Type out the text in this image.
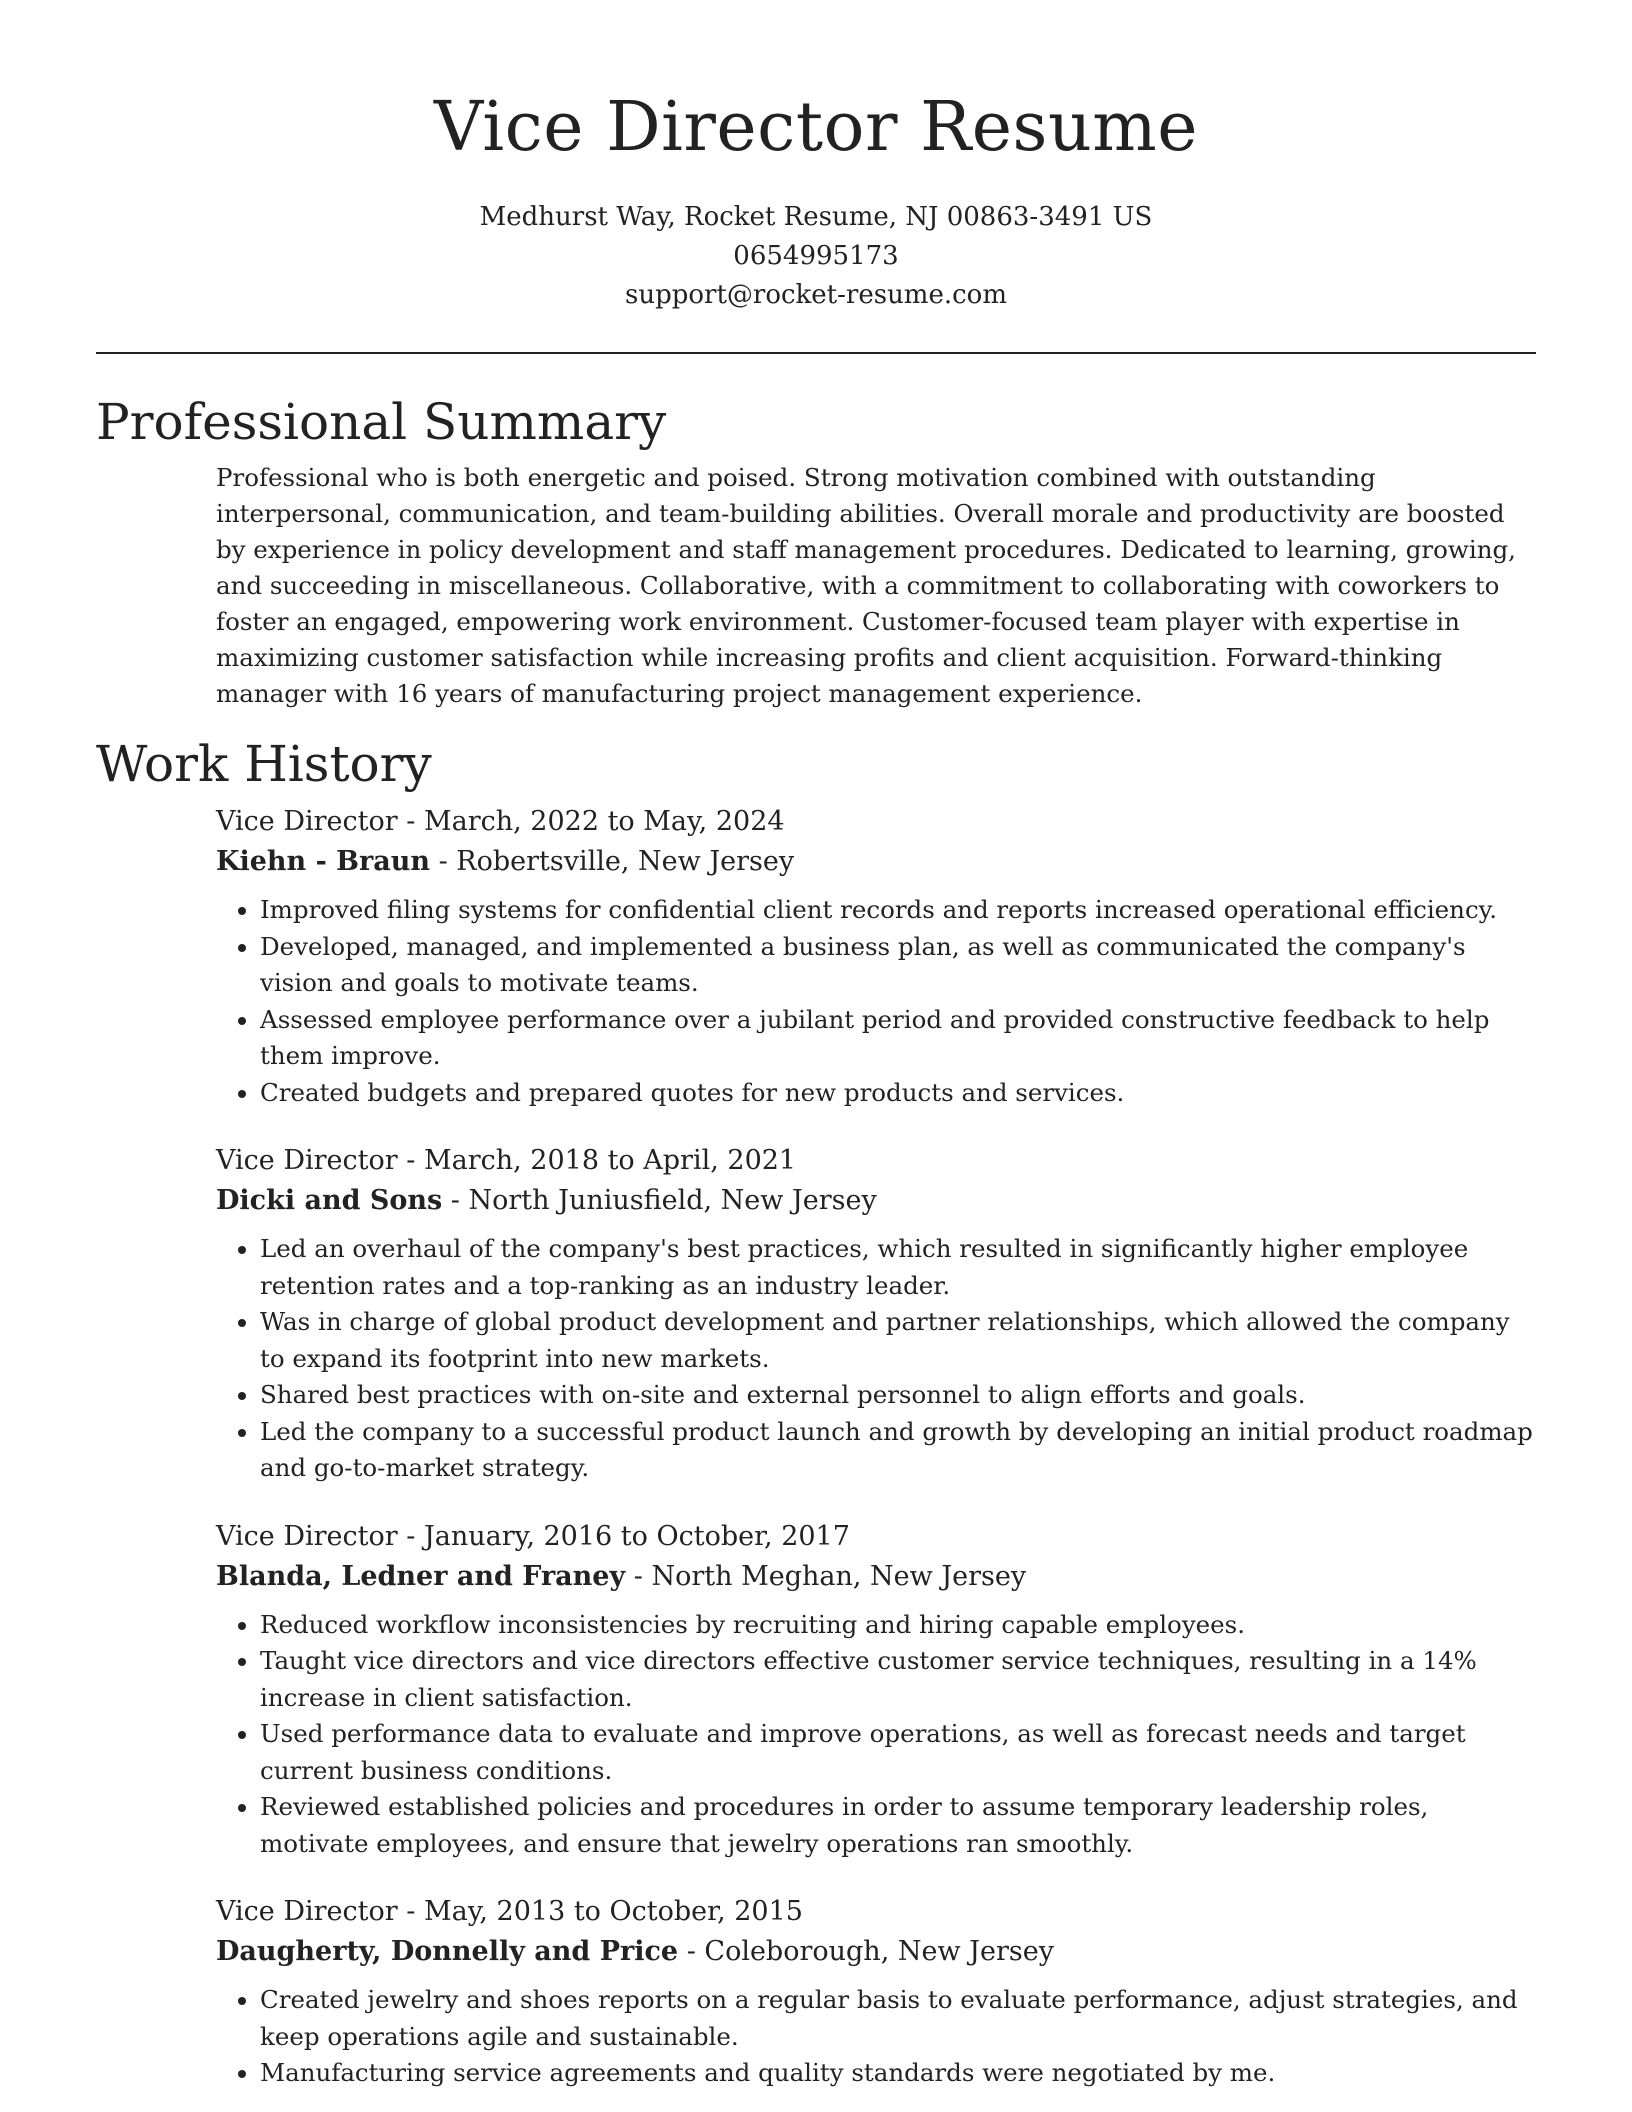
Vice Director Resume

Medhurst Way, Rocket Resume, NJ 00863-3491 US

0654995173

support@rocket-resume.com

Professional Summary

Professional who is both energetic and poised. Strong motivation combined with outstanding interpersonal, communication, and team-building abilities. Overall morale and productivity are boosted by experience in policy development and staff management procedures. Dedicated to learning, growing, and succeeding in miscellaneous. Collaborative, with a commitment to collaborating with coworkers to foster an engaged, empowering work environment. Customer-focused team player with expertise in maximizing customer satisfaction while increasing profits and client acquisition. Forward-thinking manager with 16 years of manufacturing project management experience.

Work History

Vice Director - March, 2022 to May, 2024

Kiehn - Braun - Robertsville, New Jersey

• Improved filing systems for confidential client records and reports increased operational efficiency.
• Developed, managed, and implemented a business plan, as well as communicated the company's vision and goals to motivate teams.
• Assessed employee performance over a jubilant period and provided constructive feedback to help them improve.
• Created budgets and prepared quotes for new products and services.

Vice Director - March, 2018 to April, 2021

Dicki and Sons - North Juniusfield, New Jersey

• Led an overhaul of the company's best practices, which resulted in significantly higher employee retention rates and a top-ranking as an industry leader.
• Was in charge of global product development and partner relationships, which allowed the company to expand its footprint into new markets.
• Shared best practices with on-site and external personnel to align efforts and goals.
• Led the company to a successful product launch and growth by developing an initial product roadmap and go-to-market strategy.

Vice Director - January, 2016 to October, 2017

Blanda, Ledner and Franey - North Meghan, New Jersey

• Reduced workflow inconsistencies by recruiting and hiring capable employees.
• Taught vice directors and vice directors effective customer service techniques, resulting in a 14% increase in client satisfaction.
• Used performance data to evaluate and improve operations, as well as forecast needs and target current business conditions.
• Reviewed established policies and procedures in order to assume temporary leadership roles, motivate employees, and ensure that jewelry operations ran smoothly.

Vice Director - May, 2013 to October, 2015

Daugherty, Donnelly and Price - Coleborough, New Jersey

• Created jewelry and shoes reports on a regular basis to evaluate performance, adjust strategies, and keep operations agile and sustainable.
• Manufacturing service agreements and quality standards were negotiated by me.
